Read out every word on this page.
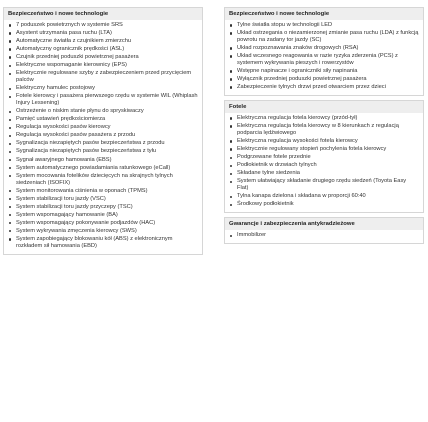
Bezpieczeństwo i nowe technologie
7 poduszek powietrznych w systemie SRS
Asystent utrzymania pasa ruchu (LTA)
Automatyczne światła z czujnikiem zmierzchu
Automatyczny ogranicznik prędkości (ASL)
Czujnik przedniej poduszki powietrznej pasażera
Elektryczne wspomaganie kierownicy (EPS)
Elektrycznie regulowane szyby z zabezpieczeniem przed przycięciem palców
Elektryczny hamulec postojowy
Fotele kierowcy i pasażera pierwszego rzędu w systemie WIL (Whiplash Injury Lessening)
Ostrzeżenie o niskim stanie płynu do spryskiwaczy
Pamięć ustawień prędkościomierza
Regulacja wysokości pasów kierowcy
Regulacja wysokości pasów pasażera z przodu
Sygnalizacja niezapiętych pasów bezpieczeństwa z przodu
Sygnalizacja niezapiętych pasów bezpieczeństwa z tyłu
Sygnał awaryjnego hamowania (EBS)
System automatycznego powiadamiania ratunkowego (eCall)
System mocowania fotelików dziecięcych na skrajnych tylnych siedzeniach (ISOFIX)
System monitorowania ciśnienia w oponach (TPMS)
System stabilizacji toru jazdy (VSC)
System stabilizacji toru jazdy przyczepy (TSC)
System wspomagający hamowanie (BA)
System wspomagający pokonywanie podjazdów (HAC)
System wykrywania zmęczenia kierowcy (SWS)
System zapobiegający blokowaniu kół (ABS) z elektronicznym rozkładem sił hamowania (EBD)
Bezpieczeństwo i nowe technologie
Tylne światła stopu w technologii LED
Układ ostrzegania o niezamierzonej zmianie pasa ruchu (LDA) z funkcją powrotu na zadany tor jazdy (SC)
Układ rozpoznawania znaków drogowych (RSA)
Układ wczesnego reagowania w razie ryzyka zderzenia (PCS) z systemem wykrywania pieszych i rowerzystów
Wstępne napinacze i ograniczniki siły napinania
Wyłącznik przedniej poduszki powietrznej pasażera
Zabezpieczenie tylnych drzwi przed otwarciem przez dzieci
Fotele
Elektryczna regulacja fotela kierowcy (przód-tył)
Elektryczna regulacja fotela kierowcy w 8 kierunkach z regulacją podparcia lędźwiowego
Elektryczna regulacja wysokości fotela kierowcy
Elektrycznie regulowany stopień pochylenia fotela kierowcy
Podgrzewane fotele przednie
Podłokietnik w drzwiach tylnych
Składane tylne siedzenia
System ułatwiający składanie drugiego rzędu siedzeń (Toyota Easy Flat)
Tylna kanapa dzielona i składana w proporcji 60:40
Środkowy podłokietnik
Gwarancje i zabezpieczenia antykradzieżowe
Immobilizer
